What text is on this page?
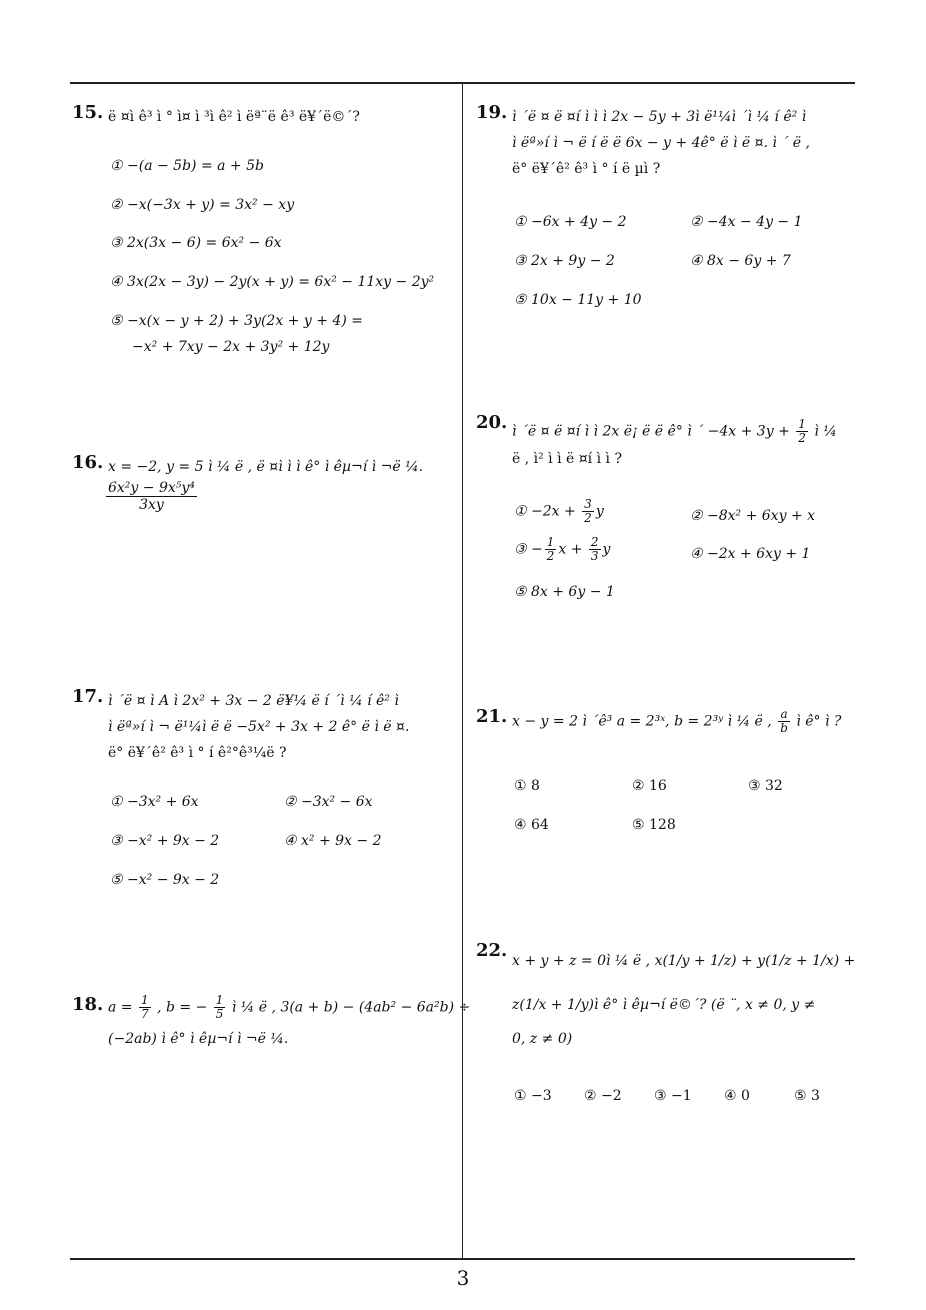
3
15. ë ¤ì ê³ ì ° ì¤ ì ³ì ê² ì ëª¨ë ê³ ë¥´ë©´?
① −(a − 5b) = a + 5b
② −x(−3x + y) = 3x² − xy
③ 2x(3x − 6) = 6x² − 6x
④ 3x(2x − 3y) − 2y(x + y) = 6x² − 11xy − 2y²
⑤ −x(x − y + 2) + 3y(2x + y + 4) =
−x² + 7xy − 2x + 3y² + 12y
16. x = −2, y = 5 ì ¼ ë , ë ¤ì ì ì ê° ì êµ¬í ì ¬ë ¼.
$\frac{\text{6x²y − 9x⁵y⁴}}{3xy}$
17. ì ´ë ¤ ì A ì 2x² + 3x − 2 ë¥¼ ë í ´ì ¼ í ê² ì
ì ëª»í ì ¬ ë¹¼ì ë ë −5x² + 3x + 2 ê° ë ì ë ¤.
ë° ë¥´ê² ê³ ì ° í ê²°ê³¼ë ?
① −3x² + 6x	② −3x² − 6x
③ −x² + 9x − 2	④ x² + 9x − 2
⑤ −x² − 9x − 2
18. $a = \frac{1}{7}$ , b = − $\frac{1}{5}$ ì ¼ ë , 3(a + b) − (4ab² − 6a²b) ÷
(−2ab) ì ê° ì êµ¬í ì ¬ë ¼.
19. ì ´ë ¤ ë ¤í ì ì ì 2x − 5y + 3ì ë¹¼ì ´ì ¼ í ê² ì
ì ëª»í ì ¬ ë í ë ë 6x − y + 4ê° ë ì ë ¤. ì ´ ë ,
ë° ë¥´ê² ê³ ì ° í ë µì ?
① −6x + 4y − 2	② −4x − 4y − 1
③ 2x + 9y − 2	④ 8x − 6y + 7
⑤ 10x − 11y + 10
20. ì ´ë ¤ ë ¤í ì ì 2x ë¡ ë ë ê° ì ´ $-4x + 3y + \frac{1}{2}$ ì ¼
ë , ì² ì ì ë ¤í ì ì ?
① $-2x + \frac{3}{2}$ y	② −8x² + 6xy + x
③ − $\frac{1}{2}$ $x + \frac{2}{3}$ y	④ −2x + 6xy + 1
⑤ 8x + 6y − 1
21. x − y = 2 ì ´ê³ a = 2³ˣ, b = 2³ʸ ì ¼ ë , $\frac{a}{b}$ ì ê° ì ?
① 8	② 16	③ 32
④ 64	⑤ 128
22. x + y + z = 0ì ¼ ë , x(1/y + 1/z) + y(1/z + 1/x) +
z(1/x + 1/y)ì ê° ì êµ¬í ë©´? (ë ¨, x ≠ 0, y ≠
0, z ≠ 0)
① −3 ② −2 ③ −1 ④ 0	⑤ 3
